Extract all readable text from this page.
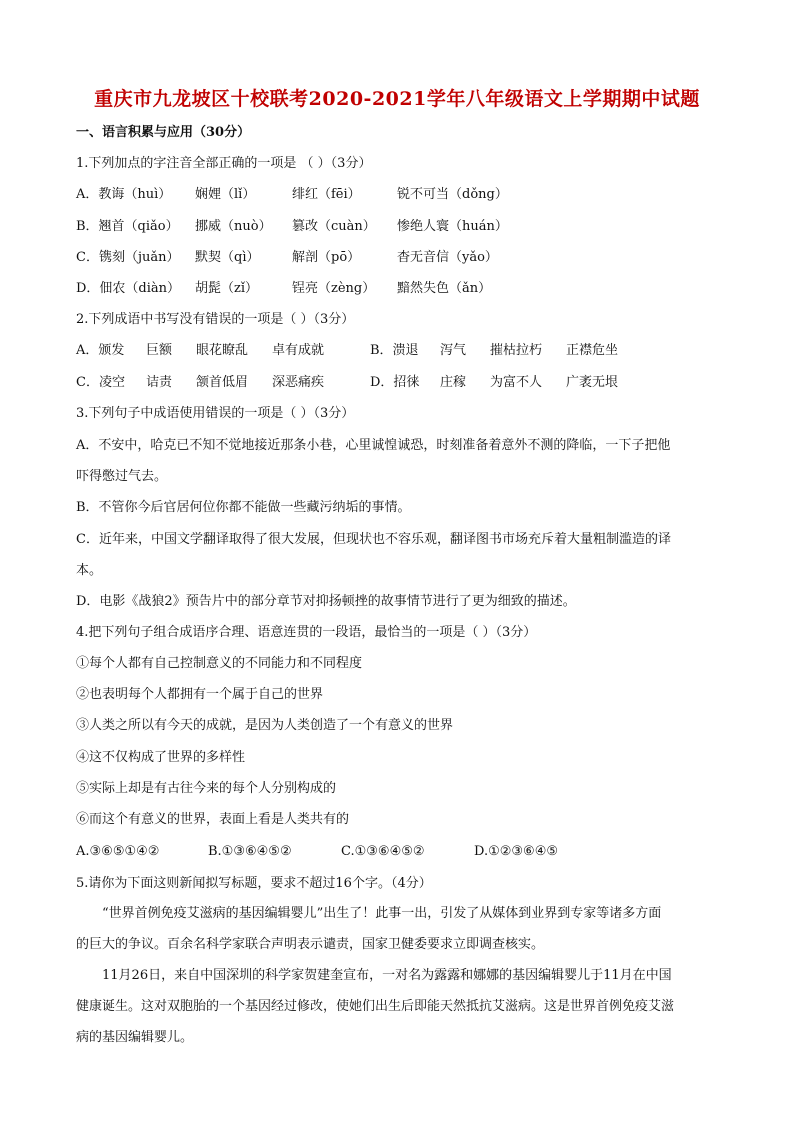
重庆市九龙坡区十校联考2020-2021学年八年级语文上学期期中试题
一、语言积累与应用（30分）
1.下列加点的字注音全部正确的一项是 （ ）（3分）
A．教诲（huì） 娴娌（lǐ）	绯红（fēi）	锐不可当（dǒng）
B．翘首（qiǎo） 挪威（nuò） 篡改（cuàn） 惨绝人寰（huán）
C．镌刻（juǎn） 默契（qì）	解剖（pō）	杳无音信（yǎo）
D．佃农（diàn） 胡髭（zǐ）	锃亮（zèng） 黯然失色（ǎn）
2.下列成语中书写没有错误的一项是（ ）（3分）
A．颁发 巨额 眼花瞭乱 卓有成就	B．溃退 泻气 摧枯拉朽 正襟危坐
C．凌空 诘责 颔首低眉 深恶痛疾	D．招徕 庄稼 为富不人 广袤无垠
3.下列句子中成语使用错误的一项是（ ）（3分）
A．不安中，哈克已不知不觉地接近那条小巷，心里诚惶诚恐，时刻准备着意外不测的降临，一下子把他
吓得憋过气去。
B．不管你今后官居何位你都不能做一些藏污纳垢的事情。
C．近年来，中国文学翻译取得了很大发展，但现状也不容乐观，翻译图书市场充斥着大量粗制滥造的译
本。
D．电影《战狼2》预告片中的部分章节对抑扬顿挫的故事情节进行了更为细致的描述。
4.把下列句子组合成语序合理、语意连贯的一段语，最恰当的一项是（ ）（3分）
①每个人都有自己控制意义的不同能力和不同程度
②也表明每个人都拥有一个属于自己的世界
③人类之所以有今天的成就，是因为人类创造了一个有意义的世界
④这不仅构成了世界的多样性
⑤实际上却是有古往今来的每个人分别构成的
⑥而这个有意义的世界，表面上看是人类共有的
A.③⑥⑤①④②	B.①③⑥④⑤②	C.①③⑥④⑤②	D.①②③⑥④⑤
5.请你为下面这则新闻拟写标题，要求不超过16个字。（4分）
“世界首例免疫艾滋病的基因编辑婴儿”出生了！此事一出，引发了从媒体到业界到专家等诸多方面
的巨大的争议。百余名科学家联合声明表示谴责，国家卫健委要求立即调查核实。
11月26日，来自中国深圳的科学家贺建奎宣布，一对名为露露和娜娜的基因编辑婴儿于11月在中国
健康诞生。这对双胞胎的一个基因经过修改，使她们出生后即能天然抵抗艾滋病。这是世界首例免疫艾滋
病的基因编辑婴儿。
